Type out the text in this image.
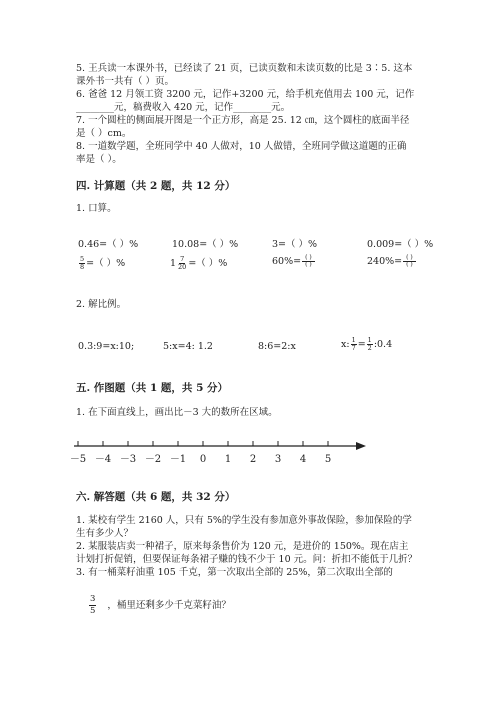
5. 王兵读一本课外书，已经读了 21 页，已读页数和未读页数的比是 3∶5. 这本
课外书一共有（ ）页。
6. 爸爸 12 月领工资 3200 元，记作+3200 元，给手机充值用去 100 元，记作
________元，稿费收入 420 元，记作________元。
7. 一个圆柱的侧面展开图是一个正方形，高是 25. 12 ㎝，这个圆柱的底面半径
是（ ）cm。
8. 一道数学题，全班同学中 40 人做对，10 人做错，全班同学做这道题的正确
率是（ ）。
四. 计算题（共 2 题，共 12 分）
1. 口算。
0.46=（ ）%	10.08=（ ）%	3=（ ）%	0.009=（ ）%
$\frac{5}{8}$ =（ ）%	$1 \frac{7}{20}$ =（ ）%	$60\%= \frac{( )}{( )}$	$240\%= \frac{( )}{( )}$
2. 解比例。
0.3:9=x:10;	5:x=4: 1.2	8:6=2:x	x: $\frac{1}{7} = \frac{1}{2}$ :0.4
五. 作图题（共 1 题，共 5 分）
1. 在下面直线上，画出比－3 大的数所在区域。
－5 －4 －3 －2 －1 0 1 2 3 4 5
六. 解答题（共 6 题，共 32 分）
1. 某校有学生 2160 人，只有 5%的学生没有参加意外事故保险，参加保险的学
生有多少人？
2. 某服装店卖一种裙子，原来每条售价为 120 元，是进价的 150%。现在店主
计划打折促销，但要保证每条裙子赚的钱不少于 10 元。问：折扣不能低于几折？
3. 有一桶菜籽油重 105 千克，第一次取出全部的 25%，第二次取出全部的
$\frac{3}{5}$ ，桶里还剩多少千克菜籽油？
